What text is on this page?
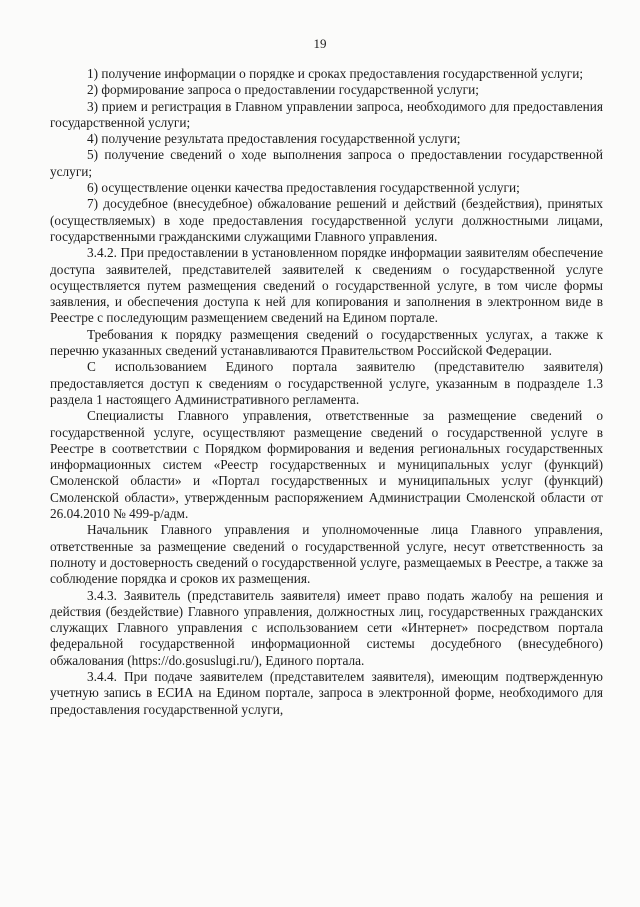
19

1) получение информации о порядке и сроках предоставления государственной услуги;

2) формирование запроса о предоставлении государственной услуги;

3) прием и регистрация в Главном управлении запроса, необходимого для предоставления государственной услуги;

4) получение результата предоставления государственной услуги;

5) получение сведений о ходе выполнения запроса о предоставлении государственной услуги;

6) осуществление оценки качества предоставления государственной услуги;

7) досудебное (внесудебное) обжалование решений и действий (бездействия), принятых (осуществляемых) в ходе предоставления государственной услуги должностными лицами, государственными гражданскими служащими Главного управления.

3.4.2. При предоставлении в установленном порядке информации заявителям обеспечение доступа заявителей, представителей заявителей к сведениям о государственной услуге осуществляется путем размещения сведений о государственной услуге, в том числе формы заявления, и обеспечения доступа к ней для копирования и заполнения в электронном виде в Реестре с последующим размещением сведений на Едином портале.

Требования к порядку размещения сведений о государственных услугах, а также к перечню указанных сведений устанавливаются Правительством Российской Федерации.

С использованием Единого портала заявителю (представителю заявителя) предоставляется доступ к сведениям о государственной услуге, указанным в подразделе 1.3 раздела 1 настоящего Административного регламента.

Специалисты Главного управления, ответственные за размещение сведений о государственной услуге, осуществляют размещение сведений о государственной услуге в Реестре в соответствии с Порядком формирования и ведения региональных государственных информационных систем «Реестр государственных и муниципальных услуг (функций) Смоленской области» и «Портал государственных и муниципальных услуг (функций) Смоленской области», утвержденным распоряжением Администрации Смоленской области от 26.04.2010 № 499-р/адм.

Начальник Главного управления и уполномоченные лица Главного управления, ответственные за размещение сведений о государственной услуге, несут ответственность за полноту и достоверность сведений о государственной услуге, размещаемых в Реестре, а также за соблюдение порядка и сроков их размещения.

3.4.3. Заявитель (представитель заявителя) имеет право подать жалобу на решения и действия (бездействие) Главного управления, должностных лиц, государственных гражданских служащих Главного управления с использованием сети «Интернет» посредством портала федеральной государственной информационной системы досудебного (внесудебного) обжалования (https://do.gosuslugi.ru/), Единого портала.

3.4.4. При подаче заявителем (представителем заявителя), имеющим подтвержденную учетную запись в ЕСИА на Едином портале, запроса в электронной форме, необходимого для предоставления государственной услуги,
